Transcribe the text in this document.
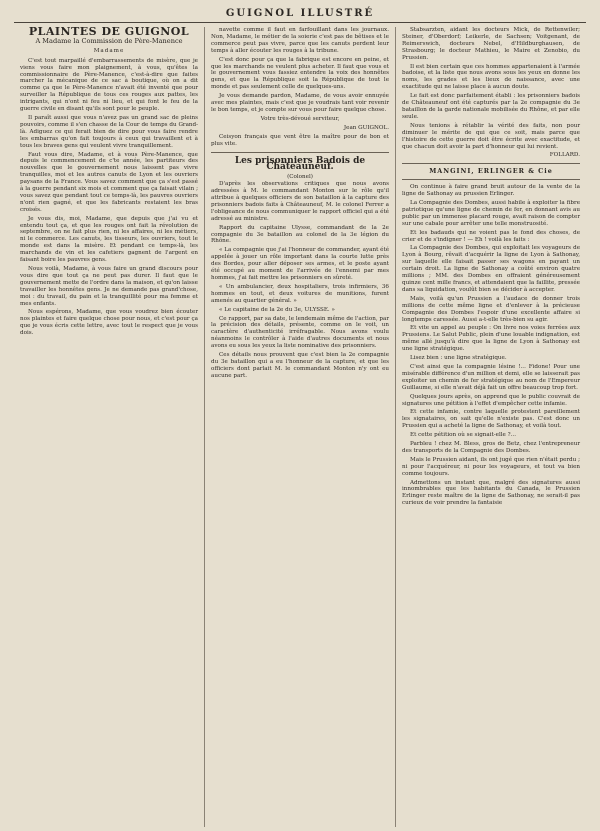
GUIGNOL ILLUSTRÉ
PLAINTES DE GUIGNOL
A Madame la Commission de Père-Manence
Madame

C'est tout marpaillé d'embarrassements de misère, que je viens vous faire mon plaignement, à vous, qu'êtes la commissionnaire de Père-Manence, c'est-à-dire que faites marcher la mécanique de ce sac à boutique, où on a dit comme ça que le Père-Manence n'avait été inventé que pour surveiller la République de tous ces rouges aux pattes, les intrigants, qui n'ont ni feu ni lieu, et qui font le feu de la guerre civile en disant qu'ils sont pour le peuple.

Il paraît aussi que vous n'avez pas un grand sac de pleins pouvoirs, comme il s'en chasse de la Cour de temps du Grand-là. Adiguez ce qui ferait bien de dire pour vous faire rendre les embarras qu'on fait toujours à ceux qui travaillent et à tous les braves gens qui veulent vivre tranquillement.

Faut vous dire, Madame, et à vous Père-Manence, que depuis le commencement de c'te année, les partiteurs des nouvelles que le gouvernement nous laissent pas vivre tranquilles, moi et les autres canuts de Lyon et les ouvriers paysans de la France. Vous savez comment que ça s'est passé à la guerre pendant six mois et comment que ça faisait vilain ; vous savez que pendant tout ce temps-là, les pauvres ouvriers n'ont rien gagné, et que les fabricants restaient les bras croisés.

Je vous dis, moi, Madame, que depuis que j'ai vu et entendu tout ça, et que les rouges ont fait la révolution de septembre, on ne fait plus rien, ni les affaires, ni les métiers, ni le commerce. Les canuts, les tisseurs, les ouvriers, tout le monde est dans la misère. Et pendant ce temps-là, les marchands de vin et les cafetiers gagnent de l'argent en faisant boire les pauvres gens.

Nous voilà, Madame, à vous faire un grand discours pour vous dire que tout ça ne peut pas durer. Il faut que le gouvernement mette de l'ordre dans la maison, et qu'on laisse travailler les honnêtes gens. Je ne demande pas grand'chose, moi : du travail, du pain et la tranquillité pour ma femme et mes enfants.

Nous espérons, Madame, que vous voudrez bien écouter nos plaintes et faire quelque chose pour nous, et c'est pour ça que je vous écris cette lettre, avec tout le respect que je vous dois.

navette comme il faut en farfouillant dans les journaux. Non, Madame, le métier de la soierie c'est pas de bêtises et le commerce peut pas vivre, parce que les canuts perdent leur temps à aller écouter les rouges à la tribune.

C'est donc pour ça que la fabrique est encore en peine, et que les marchands ne veulent plus acheter. Il faut que vous et le gouvernement vous fassiez entendre la voix des honnêtes gens, et que la République soit la République de tout le monde et pas seulement celle de quelques-uns.

Je vous demande pardon, Madame, de vous avoir ennuyée avec mes plaintes, mais c'est que je voudrais tant voir revenir le bon temps, et je compte sur vous pour faire quelque chose.

Votre très-dévoué serviteur,
Jean GUIGNOL.

Ceisyon français que vent être la maître pour de bon et plus vite.

Les prisonniers Badois de Châteauneuf.
(Colonel)

D'après les observations critiques que nous avons adressées à M. le commandant Monton sur le rôle qu'il attribue à quelques officiers de son bataillon à la capture des prisonniers badois faits à Châteauneuf, M. le colonel Ferrer a l'obligeance de nous communiquer le rapport officiel qui a été adressé au ministre.

Rapport du capitaine Ulysse, commandant de la 2e compagnie du 3e bataillon au colonel de la 3e légion du Rhône.

« La compagnie que j'ai l'honneur de commander, ayant été appelée à jouer un rôle important dans la courte lutte près des Bordes, pour aller déposer ses armes, et le poste ayant été occupé au moment de l'arrivée de l'ennemi par mes hommes, j'ai fait mettre les prisonniers en sûreté.

« Un ambulancier, deux hospitaliers, trois infirmiers, 36 hommes en tout, et deux voitures de munitions, furent amenés au quartier général. »

« Le capitaine de la 2e du 3e, ULYSSE. »

Ce rapport, par sa date, le lendemain même de l'action, par la précision des détails, présente, comme on le voit, un caractère d'authenticité irréfragable. Nous avons voulu néanmoins le contrôler à l'aide d'autres documents et nous avons eu sous les yeux la liste nominative des prisonniers.

Ces détails nous prouvent que c'est bien la 2e compagnie du 3e bataillon qui a eu l'honneur de la capture, et que les officiers dont parlait M. le commandant Monton n'y ont eu aucune part.

Stabsarzten, aidant les docteurs Mick, de Rettenwiler; Steiner, d'Oberdorf; Leikerle, de Sachsen; Voitgenant, de Reimerswich, docteurs Nebel, d'Hildburghausen, de Strasbourg; le docteur Mathieu, le Maire et Zenobio, du Prussien.

Il est bien certain que ces hommes appartenaient à l'armée badoise, et la liste que nous avons sous les yeux en donne les noms, les grades et les lieux de naissance, avec une exactitude qui ne laisse place à aucun doute.

Le fait est donc parfaitement établi : les prisonniers badois de Châteauneuf ont été capturés par la 2e compagnie du 3e bataillon de la garde nationale mobilisée du Rhône, et par elle seule.

Nous tenions à rétablir la vérité des faits, non pour diminuer le mérite de qui que ce soit, mais parce que l'histoire de cette guerre doit être écrite avec exactitude, et que chacun doit avoir la part d'honneur qui lui revient.

FOLLARD.
MANGINI, ERLINGER & Cie

On continue à faire grand bruit autour de la vente de la ligne de Sathonay au prussien Erlinger.

La Compagnie des Dombes, aussi habile à exploiter la fibre patriotique qu'une ligne de chemin de fer, en donnant avis au public par un immense placard rouge, avait raison de compter sur une cabale pour arrêter une telle monstruosité.

Et les badauds qui ne voient pas le fond des choses, de crier et de s'indigner ! — Eh ! voilà les faits :

La Compagnie des Dombes, qui exploitait les voyageurs de Lyon à Bourg, rêvait d'acquérir la ligne de Lyon à Sathonay, sur laquelle elle faisait passer ses wagons en payant un certain droit. La ligne de Sathonay a coûté environ quatre millions ; MM. des Dombes en offraient généreusement quinze cent mille francs, et attendaient que la faillite, pressée dans sa liquidation, voulût bien se décider à accepter.

Mais, voilà qu'un Prussien a l'audace de donner trois millions de cette même ligne et d'enlever à la précieuse Compagnie des Dombes l'espoir d'une excellente affaire si longtemps caressée. Aussi a-t-elle très-bien su agir.

Et vite un appel au peuple : On livre nos voies ferrées aux Prussiens. Le Salut Public, plein d'une louable indignation, est même allé jusqu'à dire que la ligne de Lyon à Sathonay est une ligne stratégique.

Lisez bien : une ligne stratégique.

C'est ainsi que la compagnie lésine !... Fidone! Pour une misérable différence d'un million et demi, elle se laisserait pas exploiter un chemin de fer stratégique au nom de l'Empereur Guillaume, si elle n'avait déjà fait un offre beaucoup trop fort.

Quelques jours après, on apprend que le public couvrait de signatures une pétition à l'effet d'empêcher cette infamie.

Et cette infamie, contre laquelle protestent pareillement les signataires, on sait qu'elle n'existe pas. C'est donc un Prussien qui a acheté la ligne de Sathonay, et voilà tout.

Et cette pétition où se signait-elle ?...

Parbleu ! chez M. Bless, gros de Betz, chez l'entrepreneur des transports de la Compagnie des Dombes.

Mais le Prussien aidant, ils ont jugé que rien n'était perdu ; ni pour l'acquéreur, ni pour les voyageurs, et tout va bien comme toujours.

Admettons un instant que, malgré des signatures aussi innombrables que les habitants du Canada, le Prussien Erlinger reste maître de la ligne de Sathonay, ne serait-il pas curieux de voir prendre la fantaisie
